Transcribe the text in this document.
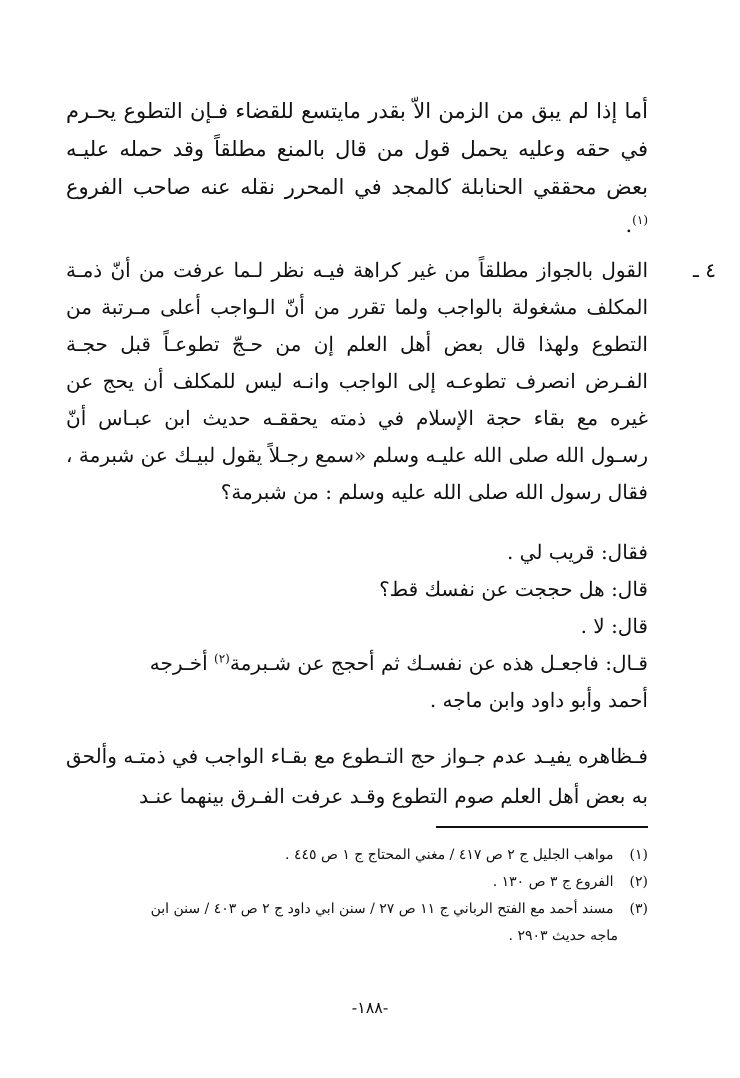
أما إذا لم يبق من الزمن الاّ بقدر مايتسع للقضاء فـإن التطوع يحـرم في حقه وعليه يحمل قول من قال بالمنع مطلقاً وقد حمله عليـه بعض محققي الحنابلة كالمجد في المحرر نقله عنه صاحب الفروع $^{(١)}$.

٤ ـ

القول بالجواز مطلقاً من غير كراهة فيـه نظر لـما عرفت من أنّ ذمـة المكلف مشغولة بالواجب ولما تقرر من أنّ الـواجب أعلى مـرتبة من التطوع ولهذا قال بعض أهل العلم إن من حـجّ تطوعـاً قبل حجـة الفـرض انصرف تطوعـه إلى الواجب وانـه ليس للمكلف أن يحج عن غيره مع بقاء حجة الإسلام في ذمته يحققـه حديث ابن عبـاس أنّ رسـول الله صلى الله عليـه وسلم «سمع رجـلاً يقول لبيـك عن شبرمة ، فقال رسول الله صلى الله عليه وسلم : من شبرمة؟

فقال: قريب لي .
قال: هل حججت عن نفسك قط؟
قال: لا .
قـال: فاجعـل هذه عن نفسـك ثم أحجج عن شـبرمة$^{(٢)}$ أخـرجه
أحمد وأبو داود وابن ماجه .

فـظاهره يفيـد عدم جـواز حج التـطوع مع بقـاء الواجب في ذمتـه وألحق به بعض أهل العلم صوم التطوع وقـد عرفت الفـرق بينهما عنـد

(١) مواهب الجليل ج ٢ ص ٤١٧ / مغني المحتاج ج ١ ص ٤٤٥ .
(٢) الفروع ج ٣ ص ١٣٠ .
(٣) مسند أحمد مع الفتح الرباني ج ١١ ص ٢٧ / سنن ابي داود ج ٢ ص ٤٠٣ / سنن ابن
ماجه حديث ٢٩٠٣ .
-١٨٨-
